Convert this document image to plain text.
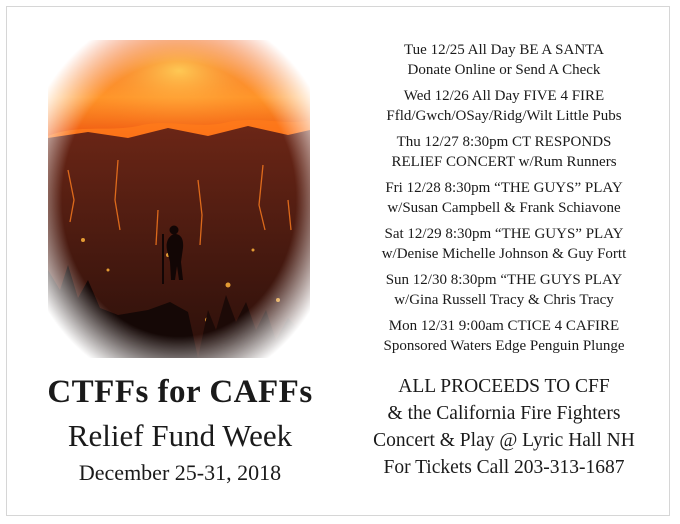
CTFFs for CAFFs
Relief Fund Week
December 25-31, 2018
Tue 12/25 All Day BE A SANTA
Donate Online or Send A Check
Wed 12/26 All Day FIVE 4 FIRE
Ffld/Gwch/OSay/Ridg/Wilt Little Pubs
Thu 12/27 8:30pm CT RESPONDS
RELIEF CONCERT w/Rum Runners
Fri 12/28 8:30pm “THE GUYS” PLAY
w/Susan Campbell & Frank Schiavone
Sat 12/29 8:30pm “THE GUYS” PLAY
w/Denise Michelle Johnson & Guy Fortt
Sun 12/30 8:30pm “THE GUYS PLAY
w/Gina Russell Tracy & Chris Tracy
Mon 12/31 9:00am CTICE 4 CAFIRE
Sponsored Waters Edge Penguin Plunge
ALL PROCEEDS TO CFF
& the California Fire Fighters
Concert & Play @ Lyric Hall NH
For Tickets Call 203-313-1687
